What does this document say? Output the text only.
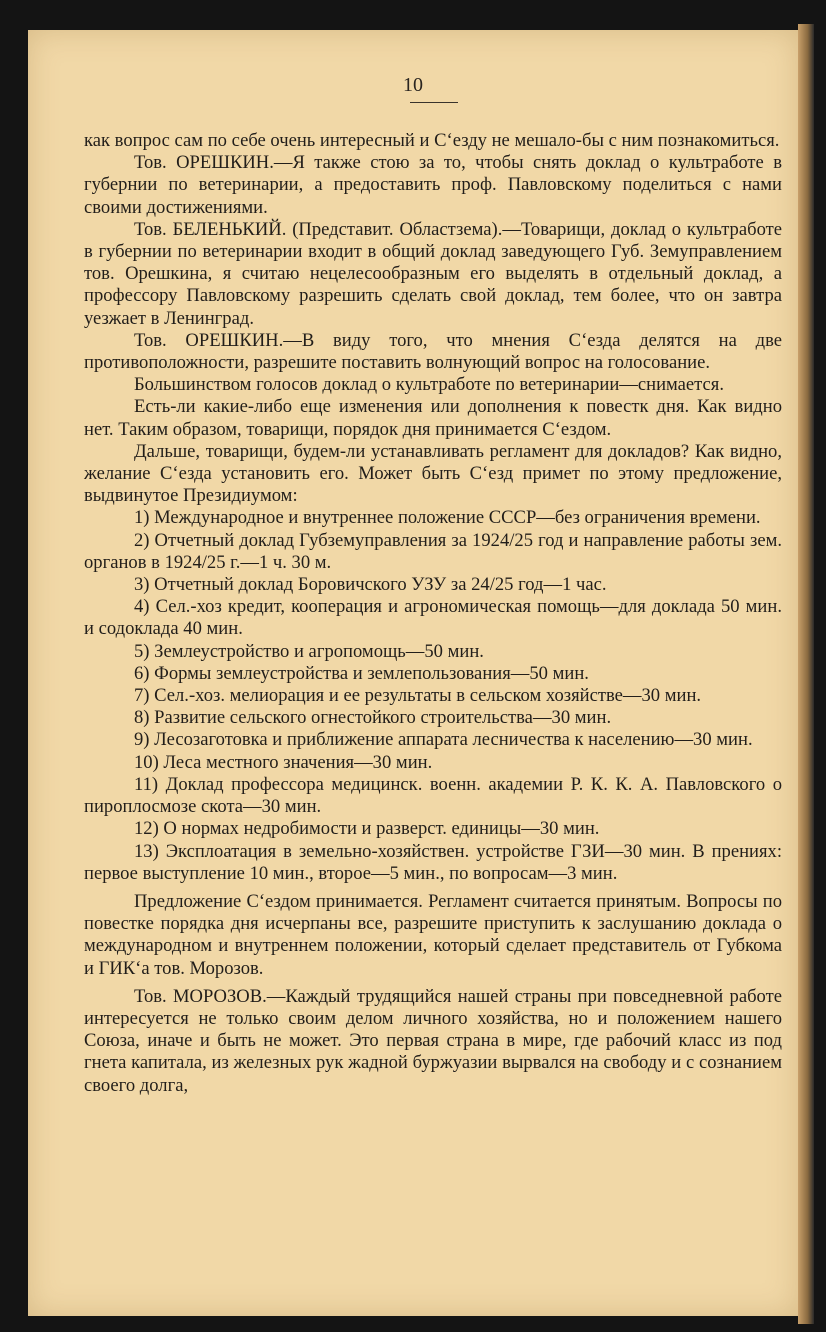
10

как вопрос сам по себе очень интересный и С‘езду не мешало-бы с ним познакомиться.

Тов. ОРЕШКИН.—Я также стою за то, чтобы снять доклад о культработе в губернии по ветеринарии, а предоставить проф. Павловскому поделиться с нами своими достижениями.

Тов. БЕЛЕНЬКИЙ. (Представит. Областзема).—Товарищи, доклад о культработе в губернии по ветеринарии входит в общий доклад заведующего Губ. Земуправлением тов. Орешкина, я считаю нецелесообразным его выделять в отдельный доклад, а профессору Павловскому разрешить сделать свой доклад, тем более, что он завтра уезжает в Ленинград.

Тов. ОРЕШКИН.—В виду того, что мнения С‘езда делятся на две противоположности, разрешите поставить волнующий вопрос на голосование.

Большинством голосов доклад о культработе по ветеринарии—снимается.

Есть-ли какие-либо еще изменения или дополнения к повестк дня. Как видно нет. Таким образом, товарищи, порядок дня принимается С‘ездом.

Дальше, товарищи, будем-ли устанавливать регламент для докладов? Как видно, желание С‘езда установить его. Может быть С‘езд примет по этому предложение, выдвинутое Президиумом:

1) Международное и внутреннее положение СССР—без ограничения времени.

2) Отчетный доклад Губземуправления за 1924/25 год и направление работы зем. органов в 1924/25 г.—1 ч. 30 м.

3) Отчетный доклад Боровичского УЗУ за 24/25 год—1 час.

4) Сел.-хоз кредит, кооперация и агрономическая помощь—для доклада 50 мин. и содоклада 40 мин.

5) Землеустройство и агропомощь—50 мин.

6) Формы землеустройства и землепользования—50 мин.

7) Сел.-хоз. мелиорация и ее результаты в сельском хозяйстве—30 мин.

8) Развитие сельского огнестойкого строительства—30 мин.

9) Лесозаготовка и приближение аппарата лесничества к населению—30 мин.

10) Леса местного значения—30 мин.

11) Доклад профессора медицинск. военн. академии Р. К. К. А. Павловского о пироплосмозе скота—30 мин.

12) О нормах недробимости и разверст. единицы—30 мин.

13) Эксплоатация в земельно-хозяйствен. устройстве ГЗИ—30 мин. В прениях: первое выступление 10 мин., второе—5 мин., по вопросам—3 мин.

Предложение С‘ездом принимается. Регламент считается принятым. Вопросы по повестке порядка дня исчерпаны все, разрешите приступить к заслушанию доклада о международном и внутреннем положении, который сделает представитель от Губкома и ГИК‘а тов. Морозов.

Тов. МОРОЗОВ.—Каждый трудящийся нашей страны при повседневной работе интересуется не только своим делом личного хозяйства, но и положением нашего Союза, иначе и быть не может. Это первая страна в мире, где рабочий класс из под гнета капитала, из железных рук жадной буржуазии вырвался на свободу и с сознанием своего долга,
